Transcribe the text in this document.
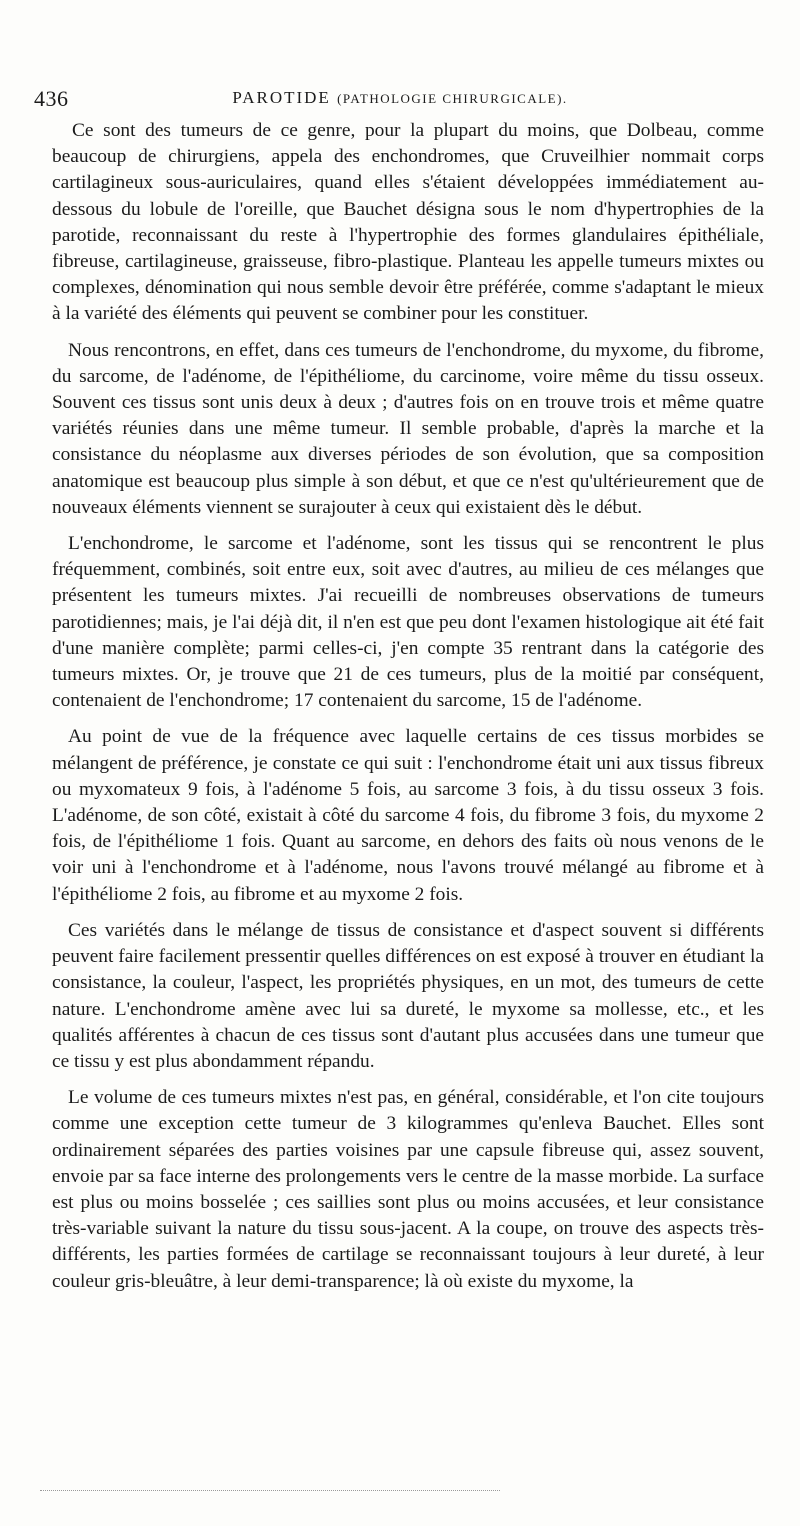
436	PAROTIDE (PATHOLOGIE CHIRURGICALE).

Ce sont des tumeurs de ce genre, pour la plupart du moins, que Dolbeau, comme beaucoup de chirurgiens, appela des enchondromes, que Cruveilhier nommait corps cartilagineux sous-auriculaires, quand elles s'étaient développées immédiatement au-dessous du lobule de l'oreille, que Bauchet désigna sous le nom d'hypertrophies de la parotide, reconnaissant du reste à l'hypertrophie des formes glandulaires épithéliale, fibreuse, cartilagineuse, graisseuse, fibro-plastique. Planteau les appelle tumeurs mixtes ou complexes, dénomination qui nous semble devoir être préférée, comme s'adaptant le mieux à la variété des éléments qui peuvent se combiner pour les constituer.

Nous rencontrons, en effet, dans ces tumeurs de l'enchondrome, du myxome, du fibrome, du sarcome, de l'adénome, de l'épithéliome, du carcinome, voire même du tissu osseux. Souvent ces tissus sont unis deux à deux ; d'autres fois on en trouve trois et même quatre variétés réunies dans une même tumeur. Il semble probable, d'après la marche et la consistance du néoplasme aux diverses périodes de son évolution, que sa composition anatomique est beaucoup plus simple à son début, et que ce n'est qu'ultérieurement que de nouveaux éléments viennent se surajouter à ceux qui existaient dès le début.

L'enchondrome, le sarcome et l'adénome, sont les tissus qui se rencontrent le plus fréquemment, combinés, soit entre eux, soit avec d'autres, au milieu de ces mélanges que présentent les tumeurs mixtes. J'ai recueilli de nombreuses observations de tumeurs parotidiennes; mais, je l'ai déjà dit, il n'en est que peu dont l'examen histologique ait été fait d'une manière complète; parmi celles-ci, j'en compte 35 rentrant dans la catégorie des tumeurs mixtes. Or, je trouve que 21 de ces tumeurs, plus de la moitié par conséquent, contenaient de l'enchondrome; 17 contenaient du sarcome, 15 de l'adénome.

Au point de vue de la fréquence avec laquelle certains de ces tissus morbides se mélangent de préférence, je constate ce qui suit : l'enchondrome était uni aux tissus fibreux ou myxomateux 9 fois, à l'adénome 5 fois, au sarcome 3 fois, à du tissu osseux 3 fois. L'adénome, de son côté, existait à côté du sarcome 4 fois, du fibrome 3 fois, du myxome 2 fois, de l'épithéliome 1 fois. Quant au sarcome, en dehors des faits où nous venons de le voir uni à l'enchondrome et à l'adénome, nous l'avons trouvé mélangé au fibrome et à l'épithéliome 2 fois, au fibrome et au myxome 2 fois.

Ces variétés dans le mélange de tissus de consistance et d'aspect souvent si différents peuvent faire facilement pressentir quelles différences on est exposé à trouver en étudiant la consistance, la couleur, l'aspect, les propriétés physiques, en un mot, des tumeurs de cette nature. L'enchondrome amène avec lui sa dureté, le myxome sa mollesse, etc., et les qualités afférentes à chacun de ces tissus sont d'autant plus accusées dans une tumeur que ce tissu y est plus abondamment répandu.

Le volume de ces tumeurs mixtes n'est pas, en général, considérable, et l'on cite toujours comme une exception cette tumeur de 3 kilogrammes qu'enleva Bauchet. Elles sont ordinairement séparées des parties voisines par une capsule fibreuse qui, assez souvent, envoie par sa face interne des prolongements vers le centre de la masse morbide. La surface est plus ou moins bosselée ; ces saillies sont plus ou moins accusées, et leur consistance très-variable suivant la nature du tissu sous-jacent. A la coupe, on trouve des aspects très-différents, les parties formées de cartilage se reconnaissant toujours à leur dureté, à leur couleur gris-bleuâtre, à leur demi-transparence; là où existe du myxome, la
